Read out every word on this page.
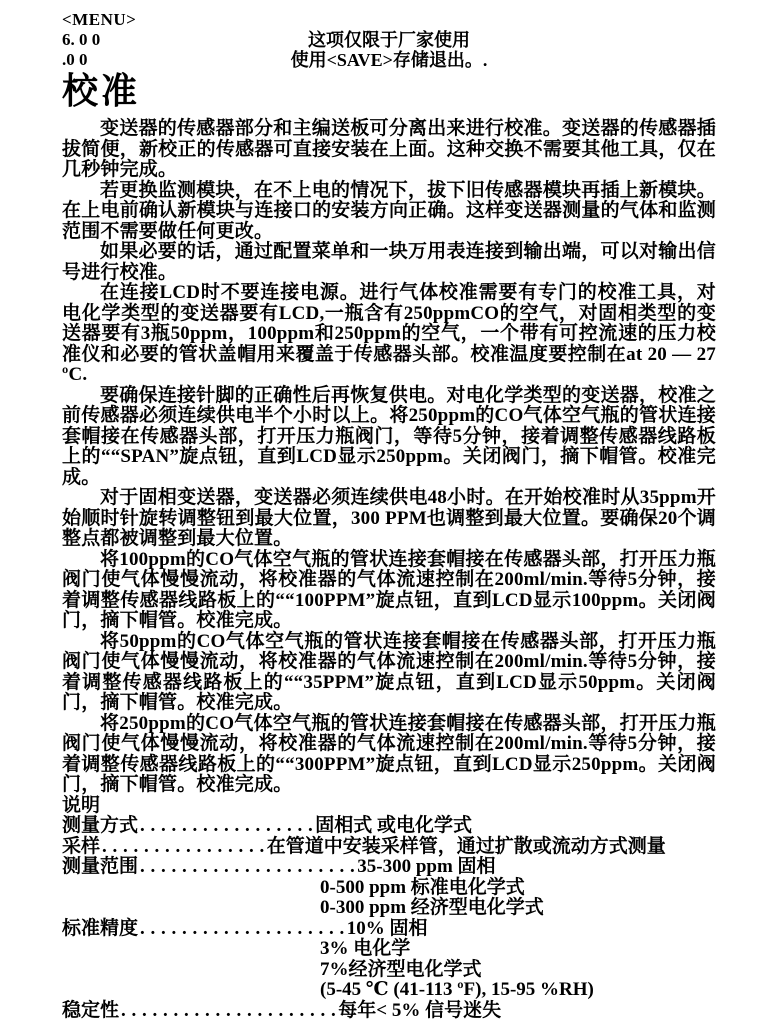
<MENU>
6. 0 0	这项仅限于厂家使用
.0 0	使用<SAVE>存储退出。.
校准

变送器的传感器部分和主编送板可分离出来进行校准。变送器的传感器插拔简便，新校正的传感器可直接安装在上面。这种交换不需要其他工具，仅在几秒钟完成。

若更换监测模块，在不上电的情况下，拔下旧传感器模块再插上新模块。在上电前确认新模块与连接口的安装方向正确。这样变送器测量的气体和监测范围不需要做任何更改。

如果必要的话，通过配置菜单和一块万用表连接到输出端，可以对输出信号进行校准。

在连接LCD时不要连接电源。进行气体校准需要有专门的校准工具，对电化学类型的变送器要有LCD,一瓶含有250ppmCO的空气，对固相类型的变送器要有3瓶50ppm，100ppm和250ppm的空气，一个带有可控流速的压力校准仪和必要的管状盖帽用来覆盖于传感器头部。校准温度要控制在at 20 — 27 ºC.

要确保连接针脚的正确性后再恢复供电。对电化学类型的变送器，校准之前传感器必须连续供电半个小时以上。将250ppm的CO气体空气瓶的管状连接套帽接在传感器头部，打开压力瓶阀门，等待5分钟，接着调整传感器线路板上的““SPAN”旋点钮，直到LCD显示250ppm。关闭阀门，摘下帽管。校准完成。

对于固相变送器，变送器必须连续供电48小时。在开始校准时从35ppm开始顺时针旋转调整钮到最大位置，300 PPM也调整到最大位置。要确保20个调整点都被调整到最大位置。

将100ppm的CO气体空气瓶的管状连接套帽接在传感器头部，打开压力瓶阀门使气体慢慢流动，将校准器的气体流速控制在200ml/min.等待5分钟，接着调整传感器线路板上的““100PPM”旋点钮，直到LCD显示100ppm。关闭阀门，摘下帽管。校准完成。

将50ppm的CO气体空气瓶的管状连接套帽接在传感器头部，打开压力瓶阀门使气体慢慢流动，将校准器的气体流速控制在200ml/min.等待5分钟，接着调整传感器线路板上的““35PPM”旋点钮，直到LCD显示50ppm。关闭阀门，摘下帽管。校准完成。

将250ppm的CO气体空气瓶的管状连接套帽接在传感器头部，打开压力瓶阀门使气体慢慢流动，将校准器的气体流速控制在200ml/min.等待5分钟，接着调整传感器线路板上的““300PPM”旋点钮，直到LCD显示250ppm。关闭阀门，摘下帽管。校准完成。

说明
测量方式 . . . . . . . . . . . . . . . . . 固相式 或电化学式
采样 . . . . . . . . . . . . . . . . 在管道中安装采样管，通过扩散或流动方式测量
测量范围 . . . . . . . . . . . . . . . . . . . . . 35-300 ppm 固相
0-500 ppm 标准电化学式
0-300 ppm 经济型电化学式
标准精度 . . . . . . . . . . . . . . . . . . . . 10% 固相
3% 电化学
7%经济型电化学式
(5-45 ℃ (41-113 ºF), 15-95 %RH)
稳定性 . . . . . . . . . . . . . . . . . . . . . 每年< 5% 信号迷失
